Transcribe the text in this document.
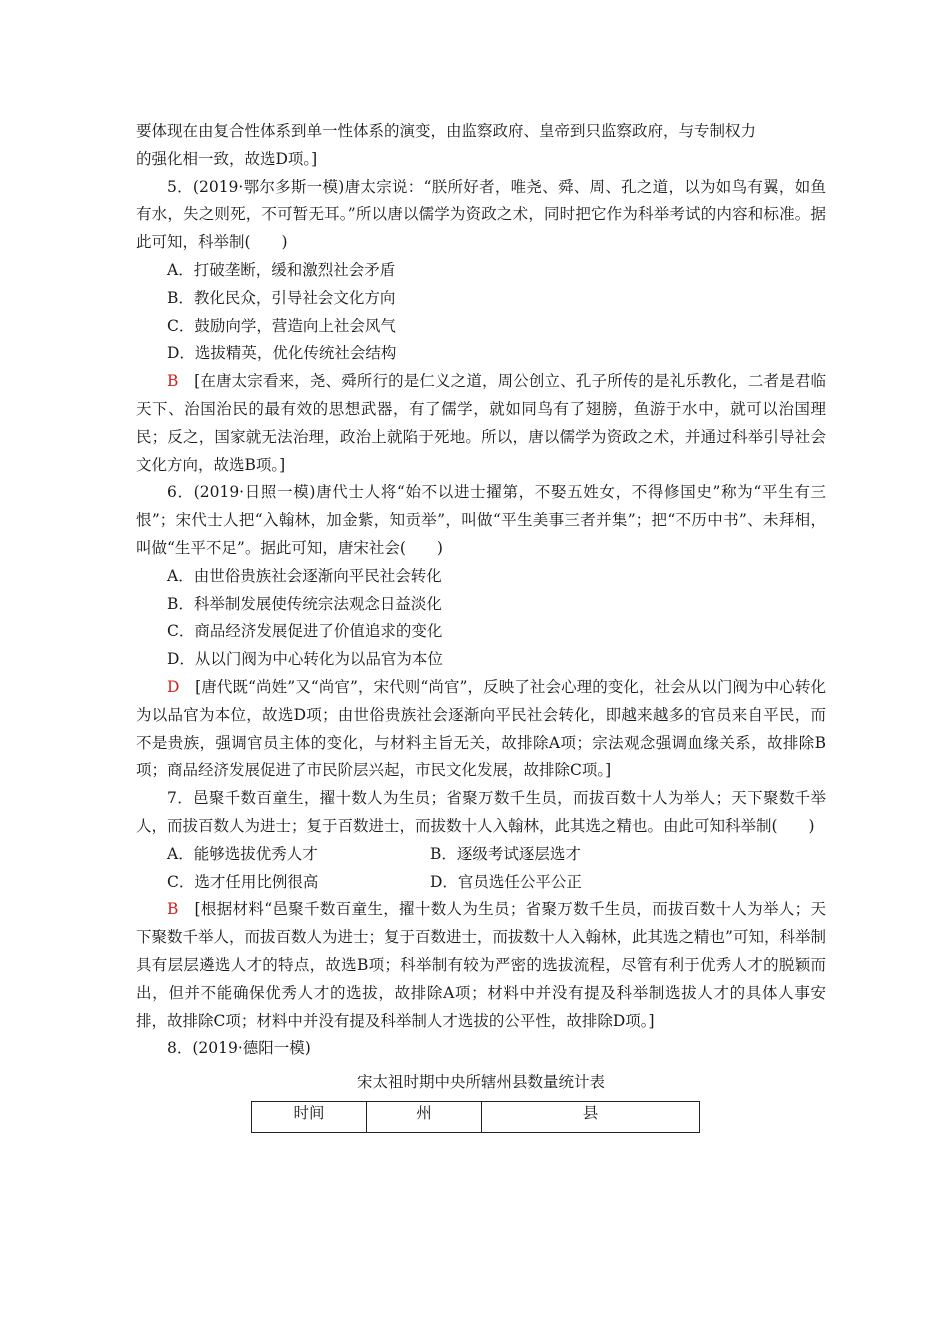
要体现在由复合性体系到单一性体系的演变，由监察政府、皇帝到只监察政府，与专制权力

的强化相一致，故选D项。]

5．(2019·鄂尔多斯一模)唐太宗说：“朕所好者，唯尧、舜、周、孔之道，以为如鸟有翼，如鱼有水，失之则死，不可暂无耳。”所以唐以儒学为资政之术，同时把它作为科举考试的内容和标准。据此可知，科举制(　　)

A．打破垄断，缓和激烈社会矛盾

B．教化民众，引导社会文化方向

C．鼓励向学，营造向上社会风气

D．选拔精英，优化传统社会结构

B　[在唐太宗看来，尧、舜所行的是仁义之道，周公创立、孔子所传的是礼乐教化，二者是君临天下、治国治民的最有效的思想武器，有了儒学，就如同鸟有了翅膀，鱼游于水中，就可以治国理民；反之，国家就无法治理，政治上就陷于死地。所以，唐以儒学为资政之术，并通过科举引导社会文化方向，故选B项。]

6．(2019·日照一模)唐代士人将“始不以进士擢第，不娶五姓女，不得修国史”称为“平生有三恨”；宋代士人把“入翰林，加金紫，知贡举”，叫做“平生美事三者并集”；把“不历中书”、未拜相，叫做“生平不足”。据此可知，唐宋社会(　　)

A．由世俗贵族社会逐渐向平民社会转化

B．科举制发展使传统宗法观念日益淡化

C．商品经济发展促进了价值追求的变化

D．从以门阀为中心转化为以品官为本位

D　[唐代既“尚姓”又“尚官”，宋代则“尚官”，反映了社会心理的变化，社会从以门阀为中心转化为以品官为本位，故选D项；由世俗贵族社会逐渐向平民社会转化，即越来越多的官员来自平民，而不是贵族，强调官员主体的变化，与材料主旨无关，故排除A项；宗法观念强调血缘关系，故排除B项；商品经济发展促进了市民阶层兴起，市民文化发展，故排除C项。]

7．邑聚千数百童生，擢十数人为生员；省聚万数千生员，而拔百数十人为举人；天下聚数千举人，而拔百数人为进士；复于百数进士，而拔数十人入翰林，此其选之精也。由此可知科举制(　　)

A．能够选拔优秀人才	B．逐级考试逐层选才
C．选才任用比例很高	D．官员选任公平公正

B　[根据材料“邑聚千数百童生，擢十数人为生员；省聚万数千生员，而拔百数十人为举人；天下聚数千举人，而拔百数人为进士；复于百数进士，而拔数十人入翰林，此其选之精也”可知，科举制具有层层遴选人才的特点，故选B项；科举制有较为严密的选拔流程，尽管有利于优秀人才的脱颖而出，但并不能确保优秀人才的选拔，故排除A项；材料中并没有提及科举制选拔人才的具体人事安排，故排除C项；材料中并没有提及科举制人才选拔的公平性，故排除D项。]

8．(2019·德阳一模)

宋太祖时期中央所辖州县数量统计表

时间	州	县
